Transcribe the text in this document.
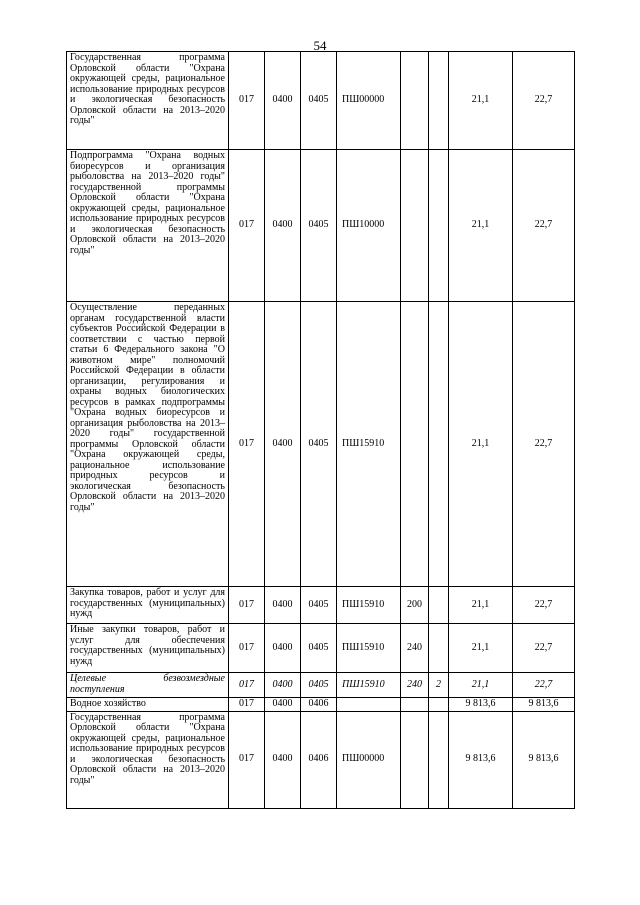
54
Государственная программа Орловской области "Охрана окружающей среды, рациональное использование природных ресурсов и экологическая безопасность Орловской области на 2013–2020 годы"	017	0400	0405	ПШ00000			21,1	22,7
Подпрограмма "Охрана водных биоресурсов и организация рыболовства на 2013–2020 годы" государственной программы Орловской области "Охрана окружающей среды, рациональное использование природных ресурсов и экологическая безопасность Орловской области на 2013–2020 годы"	017	0400	0405	ПШ10000			21,1	22,7
Осуществление переданных органам государственной власти субъектов Российской Федерации в соответствии с частью первой статьи 6 Федерального закона "О животном мире" полномочий Российской Федерации в области организации, регулирования и охраны водных биологических ресурсов в рамках подпрограммы "Охрана водных биоресурсов и организация рыболовства на 2013–2020 годы" государственной программы Орловской области "Охрана окружающей среды, рациональное использование природных ресурсов и экологическая безопасность Орловской области на 2013–2020 годы"	017	0400	0405	ПШ15910			21,1	22,7
Закупка товаров, работ и услуг для государственных (муниципальных) нужд	017	0400	0405	ПШ15910	200		21,1	22,7
Иные закупки товаров, работ и услуг для обеспечения государственных (муниципальных) нужд	017	0400	0405	ПШ15910	240		21,1	22,7
Целевые безвозмездные поступления	017	0400	0405	ПШ15910	240	2	21,1	22,7
Водное хозяйство	017	0400	0406				9 813,6	9 813,6
Государственная программа Орловской области "Охрана окружающей среды, рациональное использование природных ресурсов и экологическая безопасность Орловской области на 2013–2020 годы"	017	0400	0406	ПШ00000			9 813,6	9 813,6
